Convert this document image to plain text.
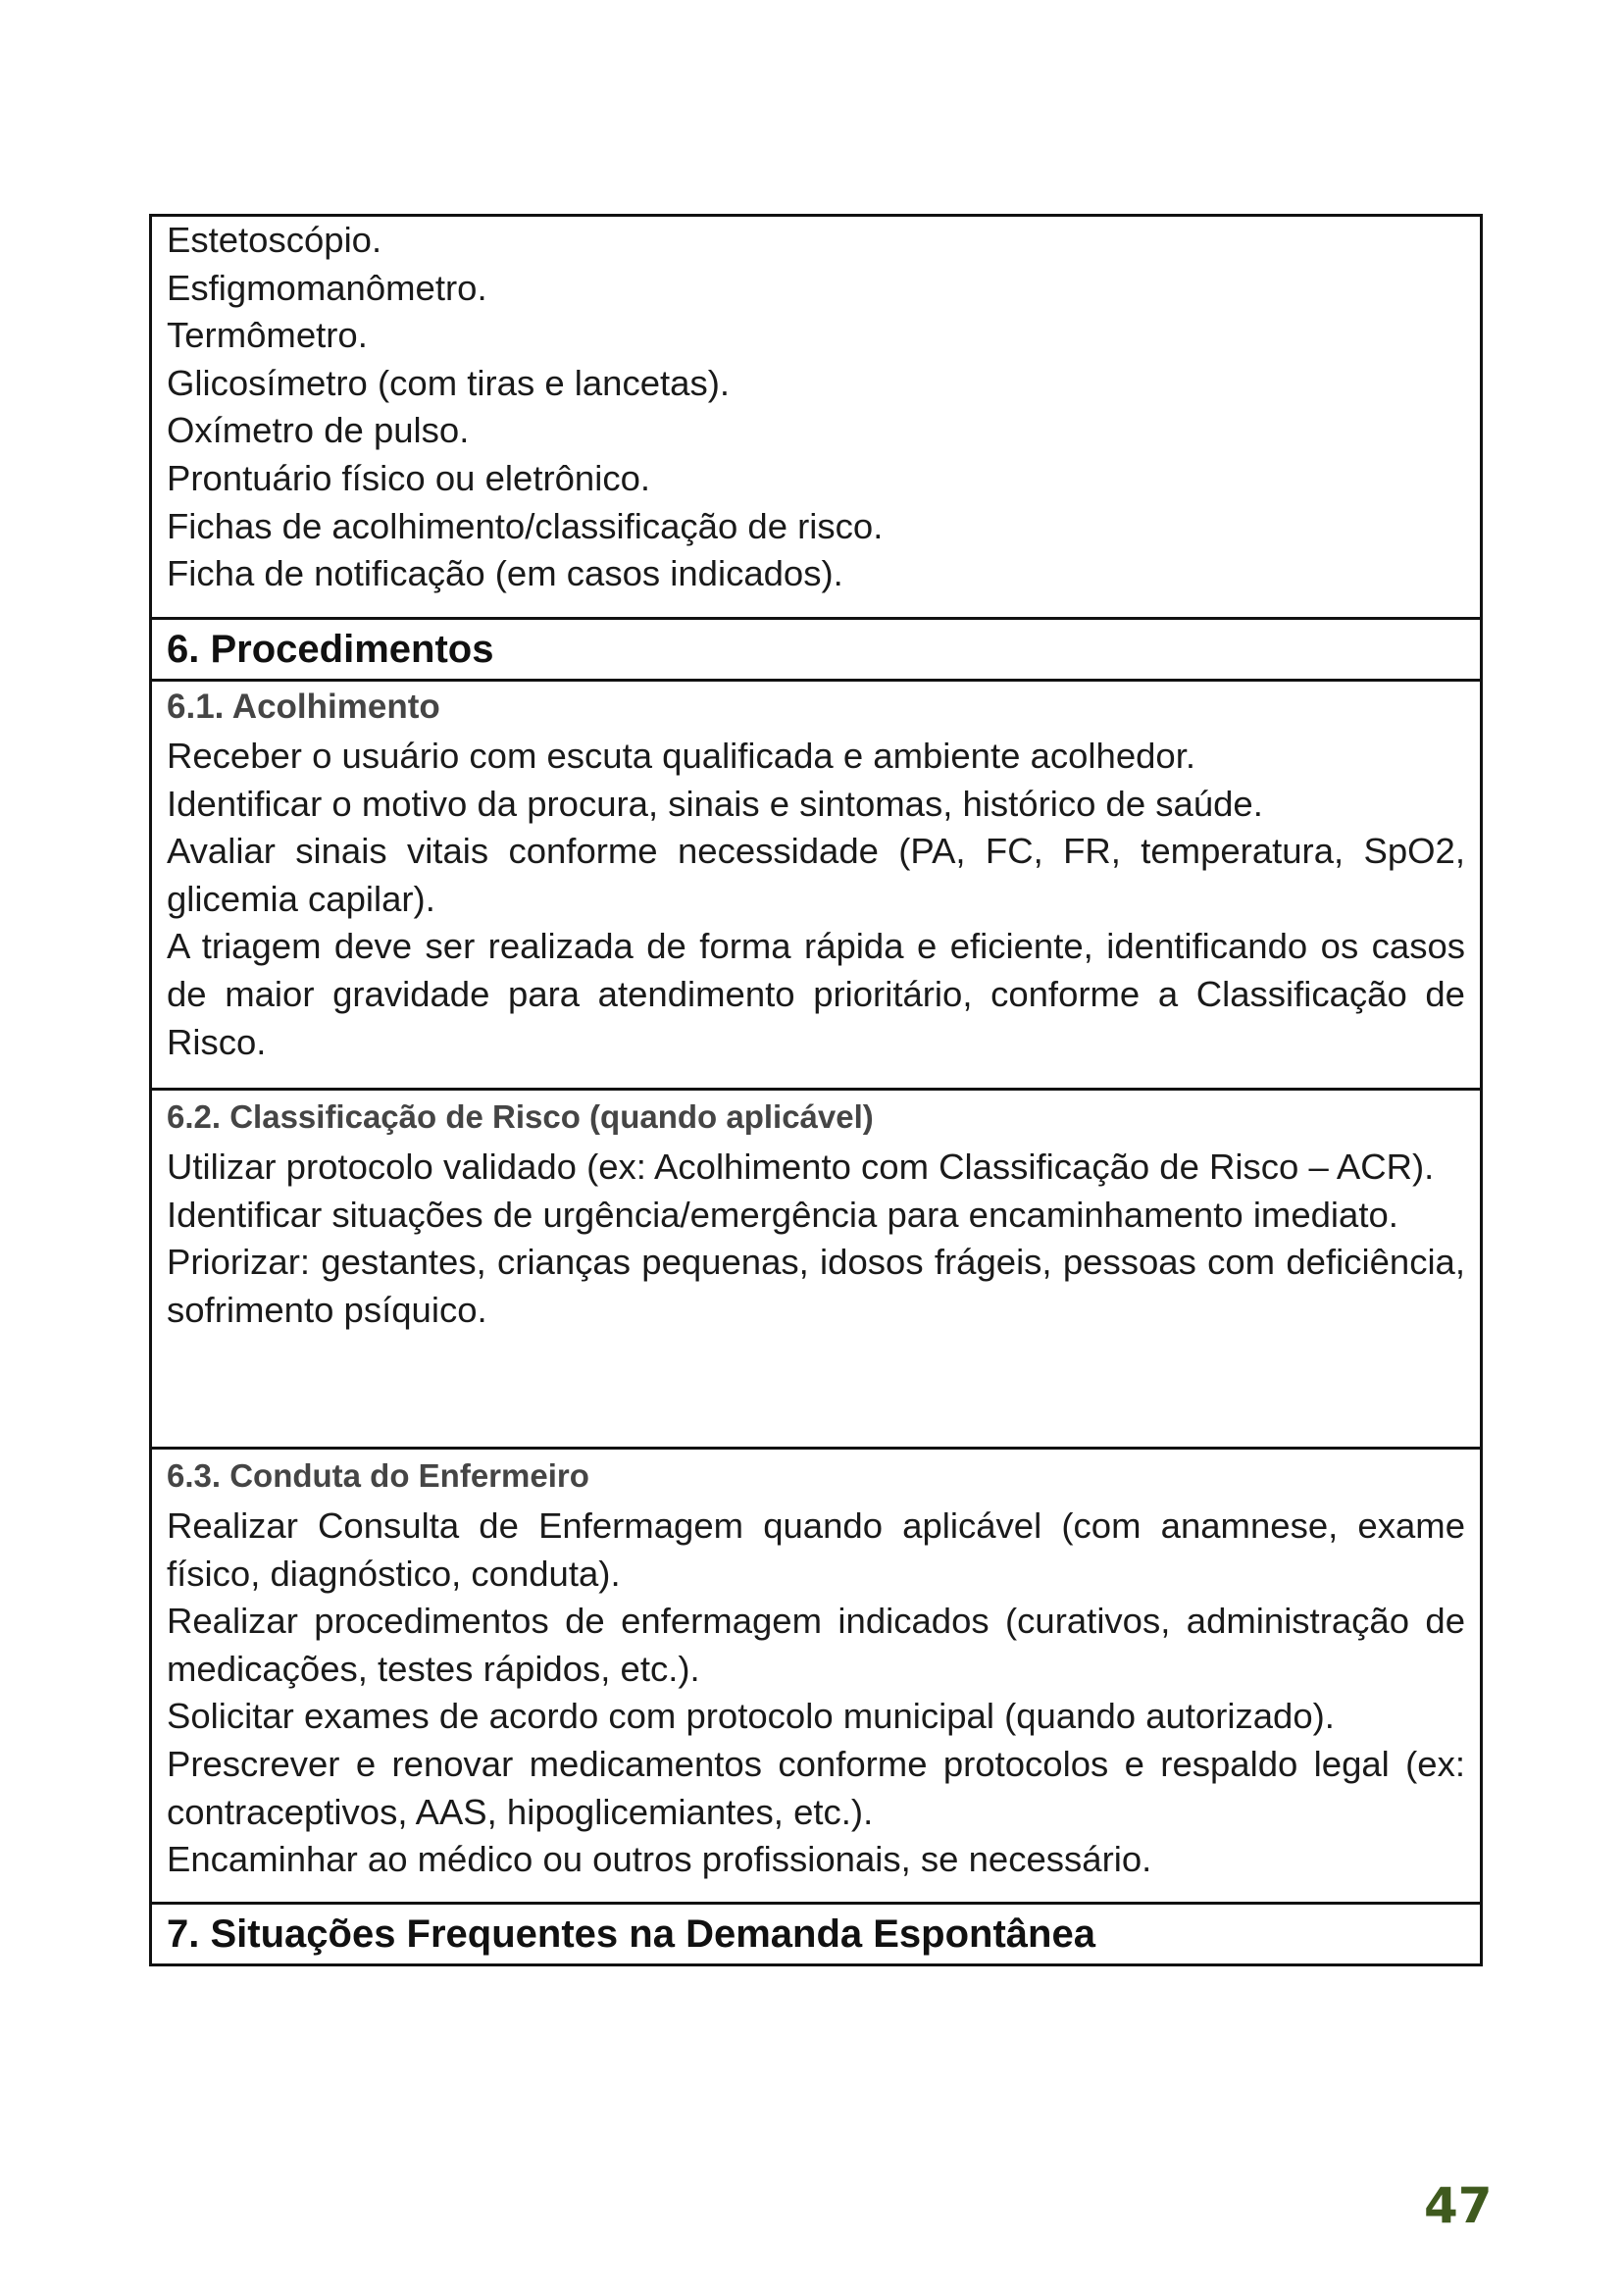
Estetoscópio.
Esfigmomanômetro.
Termômetro.
Glicosímetro (com tiras e lancetas).
Oxímetro de pulso.
Prontuário físico ou eletrônico.
Fichas de acolhimento/classificação de risco.
Ficha de notificação (em casos indicados).

6. Procedimentos

6.1. Acolhimento
Receber o usuário com escuta qualificada e ambiente acolhedor.
Identificar o motivo da procura, sinais e sintomas, histórico de saúde.
Avaliar sinais vitais conforme necessidade (PA, FC, FR, temperatura, SpO2, glicemia capilar).
A triagem deve ser realizada de forma rápida e eficiente, identificando os casos de maior gravidade para atendimento prioritário, conforme a Classificação de Risco.

6.2. Classificação de Risco (quando aplicável)
Utilizar protocolo validado (ex: Acolhimento com Classificação de Risco – ACR).
Identificar situações de urgência/emergência para encaminhamento imediato.
Priorizar: gestantes, crianças pequenas, idosos frágeis, pessoas com deficiência, sofrimento psíquico.

6.3. Conduta do Enfermeiro
Realizar Consulta de Enfermagem quando aplicável (com anamnese, exame físico, diagnóstico, conduta).
Realizar procedimentos de enfermagem indicados (curativos, administração de medicações, testes rápidos, etc.).
Solicitar exames de acordo com protocolo municipal (quando autorizado).
Prescrever e renovar medicamentos conforme protocolos e respaldo legal (ex: contraceptivos, AAS, hipoglicemiantes, etc.).
Encaminhar ao médico ou outros profissionais, se necessário.

7. Situações Frequentes na Demanda Espontânea
47
